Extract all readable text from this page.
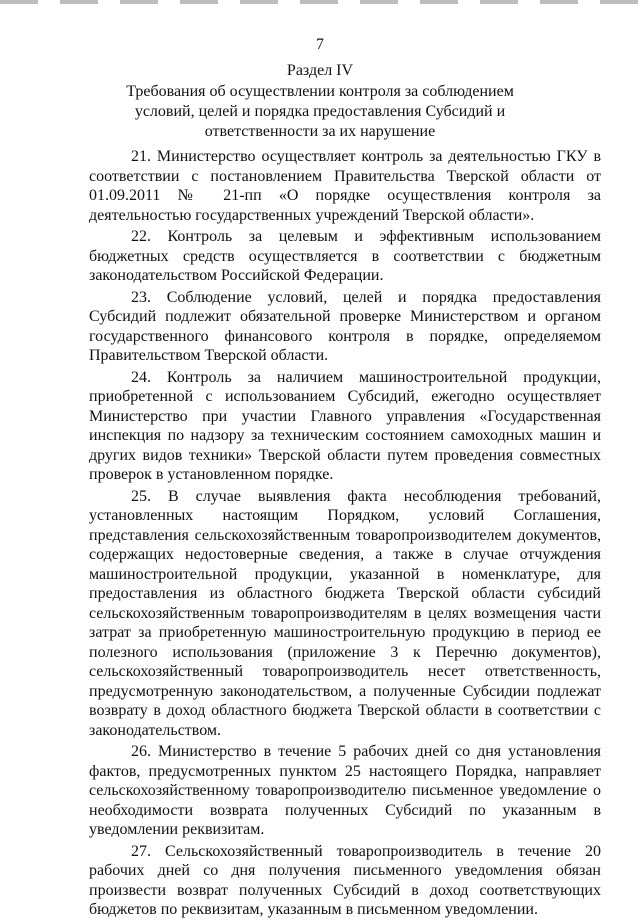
7
Раздел IV
Требования об осуществлении контроля за соблюдением условий, целей и порядка предоставления Субсидий и ответственности за их нарушение

21. Министерство осуществляет контроль за деятельностью ГКУ в соответствии с постановлением Правительства Тверской области от 01.09.2011 № 21-пп «О порядке осуществления контроля за деятельностью государственных учреждений Тверской области».

22. Контроль за целевым и эффективным использованием бюджетных средств осуществляется в соответствии с бюджетным законодательством Российской Федерации.

23. Соблюдение условий, целей и порядка предоставления Субсидий подлежит обязательной проверке Министерством и органом государственного финансового контроля в порядке, определяемом Правительством Тверской области.

24. Контроль за наличием машиностроительной продукции, приобретенной с использованием Субсидий, ежегодно осуществляет Министерство при участии Главного управления «Государственная инспекция по надзору за техническим состоянием самоходных машин и других видов техники» Тверской области путем проведения совместных проверок в установленном порядке.

25. В случае выявления факта несоблюдения требований, установленных настоящим Порядком, условий Соглашения, представления сельскохозяйственным товаропроизводителем документов, содержащих недостоверные сведения, а также в случае отчуждения машиностроительной продукции, указанной в номенклатуре, для предоставления из областного бюджета Тверской области субсидий сельскохозяйственным товаропроизводителям в целях возмещения части затрат за приобретенную машиностроительную продукцию в период ее полезного использования (приложение 3 к Перечню документов), сельскохозяйственный товаропроизводитель несет ответственность, предусмотренную законодательством, а полученные Субсидии подлежат возврату в доход областного бюджета Тверской области в соответствии с законодательством.

26. Министерство в течение 5 рабочих дней со дня установления фактов, предусмотренных пунктом 25 настоящего Порядка, направляет сельскохозяйственному товаропроизводителю письменное уведомление о необходимости возврата полученных Субсидий по указанным в уведомлении реквизитам.

27. Сельскохозяйственный товаропроизводитель в течение 20 рабочих дней со дня получения письменного уведомления обязан произвести возврат полученных Субсидий в доход соответствующих бюджетов по реквизитам, указанным в письменном уведомлении.
